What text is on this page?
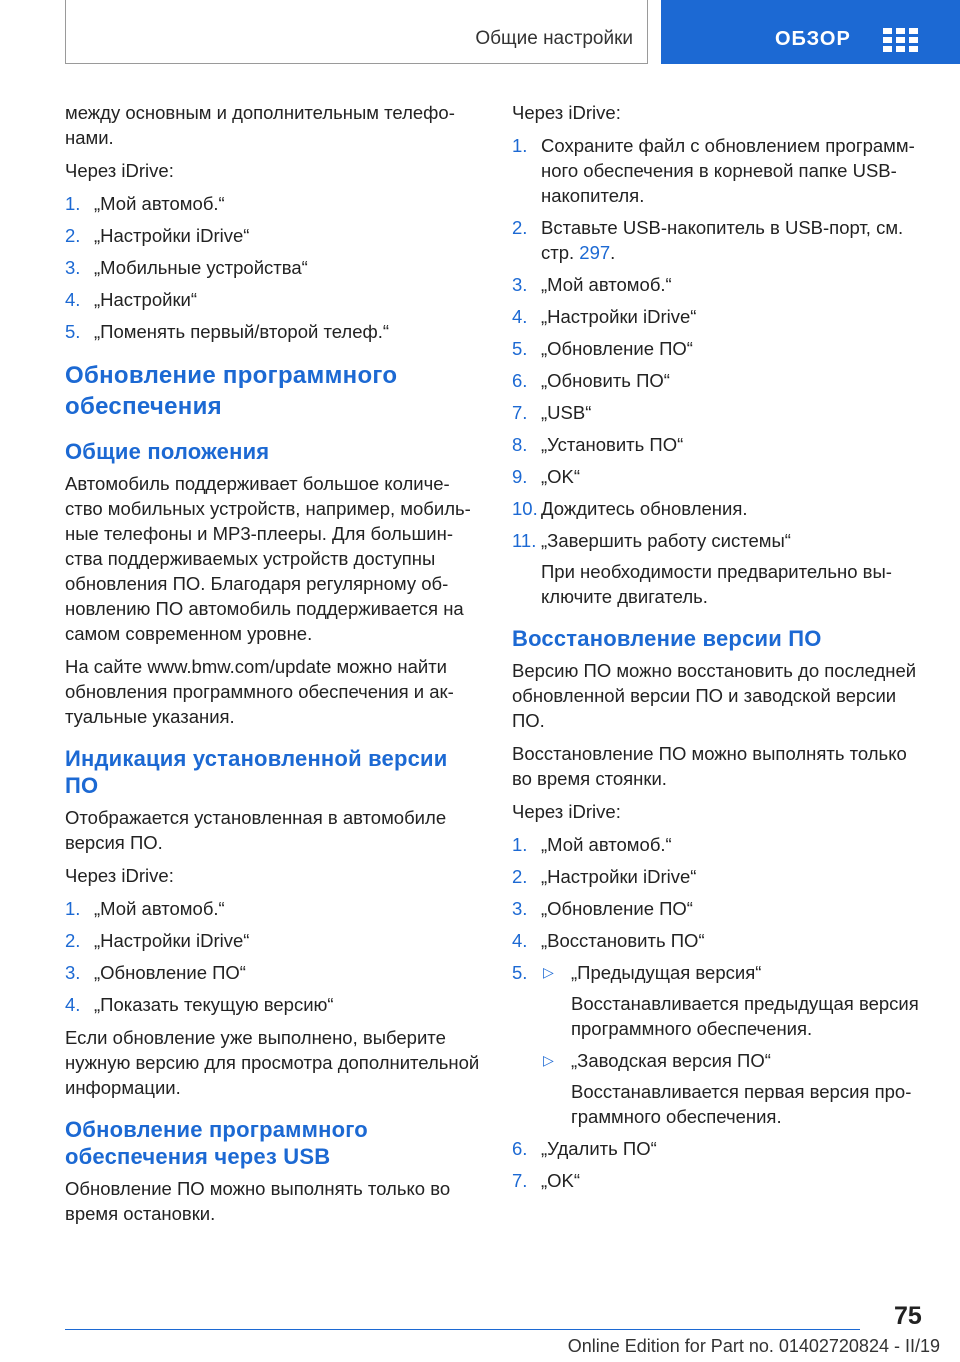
Общие настройки	ОБЗОР

между основным и дополнительным телефонами.

Через iDrive:

1. „Мой автомоб.“
2. „Настройки iDrive“
3. „Мобильные устройства“
4. „Настройки“
5. „Поменять первый/второй телеф.“
Обновление программного обеспечения
Общие положения

Автомобиль поддерживает большое количество мобильных устройств, например, мобильные телефоны и MP3-плееры. Для большинства поддерживаемых устройств доступны обновления ПО. Благодаря регулярному обновлению ПО автомобиль поддерживается на самом современном уровне.

На сайте www.bmw.com/update можно найти обновления программного обеспечения и актуальные указания.

Индикация установленной версии ПО

Отображается установленная в автомобиле версия ПО.

Через iDrive:

1. „Мой автомоб.“
2. „Настройки iDrive“
3. „Обновление ПО“
4. „Показать текущую версию“

Если обновление уже выполнено, выберите нужную версию для просмотра дополнительной информации.

Обновление программного обеспечения через USB

Обновление ПО можно выполнять только во время остановки.

Через iDrive:

1. Сохраните файл с обновлением программного обеспечения в корневой папке USB-накопителя.
2. Вставьте USB-накопитель в USB-порт, см. стр. 297.
3. „Мой автомоб.“
4. „Настройки iDrive“
5. „Обновление ПО“
6. „Обновить ПО“
7. „USB“
8. „Установить ПО“
9. „OK“
10. Дождитесь обновления.
11. „Завершить работу системы“

При необходимости предварительно выключите двигатель.

Восстановление версии ПО

Версию ПО можно восстановить до последней обновленной версии ПО и заводской версии ПО.

Восстановление ПО можно выполнять только во время стоянки.

Через iDrive:

1. „Мой автомоб.“
2. „Настройки iDrive“
3. „Обновление ПО“
4. „Восстановить ПО“
5.	▷ „Предыдущая версия“

Восстанавливается предыдущая версия программного обеспечения.

▷ „Заводская версия ПО“

Восстанавливается первая версия программного обеспечения.

6. „Удалить ПО“
7. „OK“
75
Online Edition for Part no. 01402720824 - II/19
